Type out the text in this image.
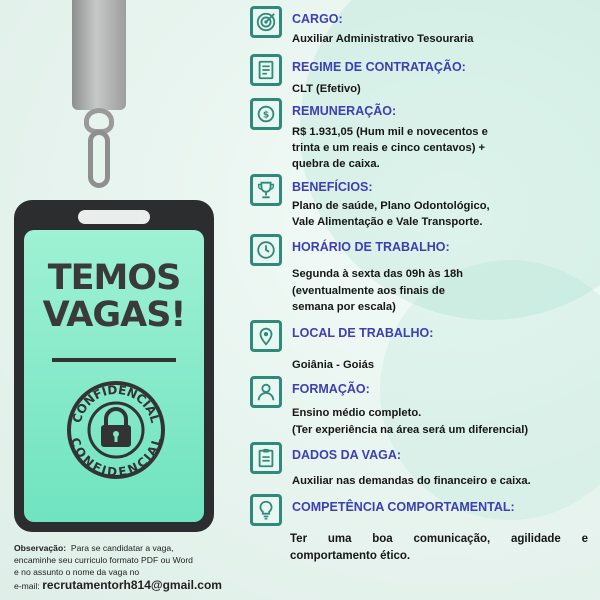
TEMOS
VAGAS!
CONFIDENCIAL
CONFIDENCIAL
CARGO:
Auxiliar Administrativo Tesouraria
REGIME DE CONTRATAÇÃO:
CLT (Efetivo)
$ REMUNERAÇÃO:
R$ 1.931,05 (Hum mil e novecentos e
trinta e um reais e cinco centavos) +
quebra de caixa.
BENEFÍCIOS:
Plano de saúde, Plano Odontológico,
Vale Alimentação e Vale Transporte.
HORÁRIO DE TRABALHO:
Segunda à sexta das 09h às 18h
(eventualmente aos finais de
semana por escala)
LOCAL DE TRABALHO:
Goiânia - Goiás
FORMAÇÃO:
Ensino médio completo.
(Ter experiência na área será um diferencial)
DADOS DA VAGA:
Auxiliar nas demandas do financeiro e caixa.
COMPETÊNCIA COMPORTAMENTAL:
Ter uma boa comunicação, agilidade e
comportamento ético.
Observação: Para se candidatar a vaga,
encaminhe seu curriculo formato PDF ou Word
e no assunto o nome da vaga no
e-mail: recrutamentorh814@gmail.com
